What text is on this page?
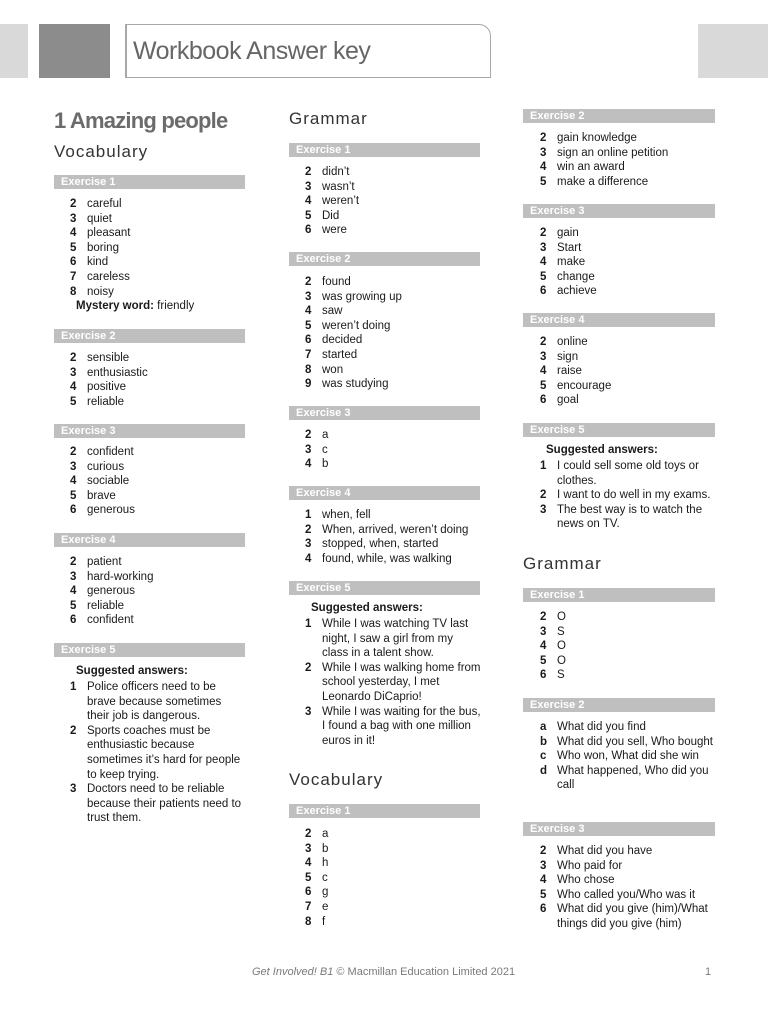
Workbook Answer key
1 Amazing people
Vocabulary
Exercise 1
2 careful
3 quiet
4 pleasant
5 boring
6 kind
7 careless
8 noisy
Mystery word: friendly
Exercise 2
2 sensible
3 enthusiastic
4 positive
5 reliable
Exercise 3
2 confident
3 curious
4 sociable
5 brave
6 generous
Exercise 4
2 patient
3 hard-working
4 generous
5 reliable
6 confident
Exercise 5
Suggested answers:
1 Police officers need to be brave because sometimes their job is dangerous.
2 Sports coaches must be enthusiastic because sometimes it’s hard for people to keep trying.
3 Doctors need to be reliable because their patients need to trust them.
Grammar
Exercise 1
2 didn’t
3 wasn’t
4 weren’t
5 Did
6 were
Exercise 2
2 found
3 was growing up
4 saw
5 weren’t doing
6 decided
7 started
8 won
9 was studying
Exercise 3
2 a
3 c
4 b
Exercise 4
1 when, fell
2 When, arrived, weren’t doing
3 stopped, when, started
4 found, while, was walking
Exercise 5
Suggested answers:
1 While I was watching TV last night, I saw a girl from my class in a talent show.
2 While I was walking home from school yesterday, I met Leonardo DiCaprio!
3 While I was waiting for the bus, I found a bag with one million euros in it!
Vocabulary
Exercise 1
2 a
3 b
4 h
5 c
6 g
7 e
8 f
Exercise 2
2 gain knowledge
3 sign an online petition
4 win an award
5 make a difference
Exercise 3
2 gain
3 Start
4 make
5 change
6 achieve
Exercise 4
2 online
3 sign
4 raise
5 encourage
6 goal
Exercise 5
Suggested answers:
1 I could sell some old toys or clothes.
2 I want to do well in my exams.
3 The best way is to watch the news on TV.
Grammar
Exercise 1
2 O
3 S
4 O
5 O
6 S
Exercise 2
a What did you find
b What did you sell, Who bought
c Who won, What did she win
d What happened, Who did you call
Exercise 3
2 What did you have
3 Who paid for
4 Who chose
5 Who called you/Who was it
6 What did you give (him)/What things did you give (him)
Get Involved! B1 © Macmillan Education Limited 2021	1
